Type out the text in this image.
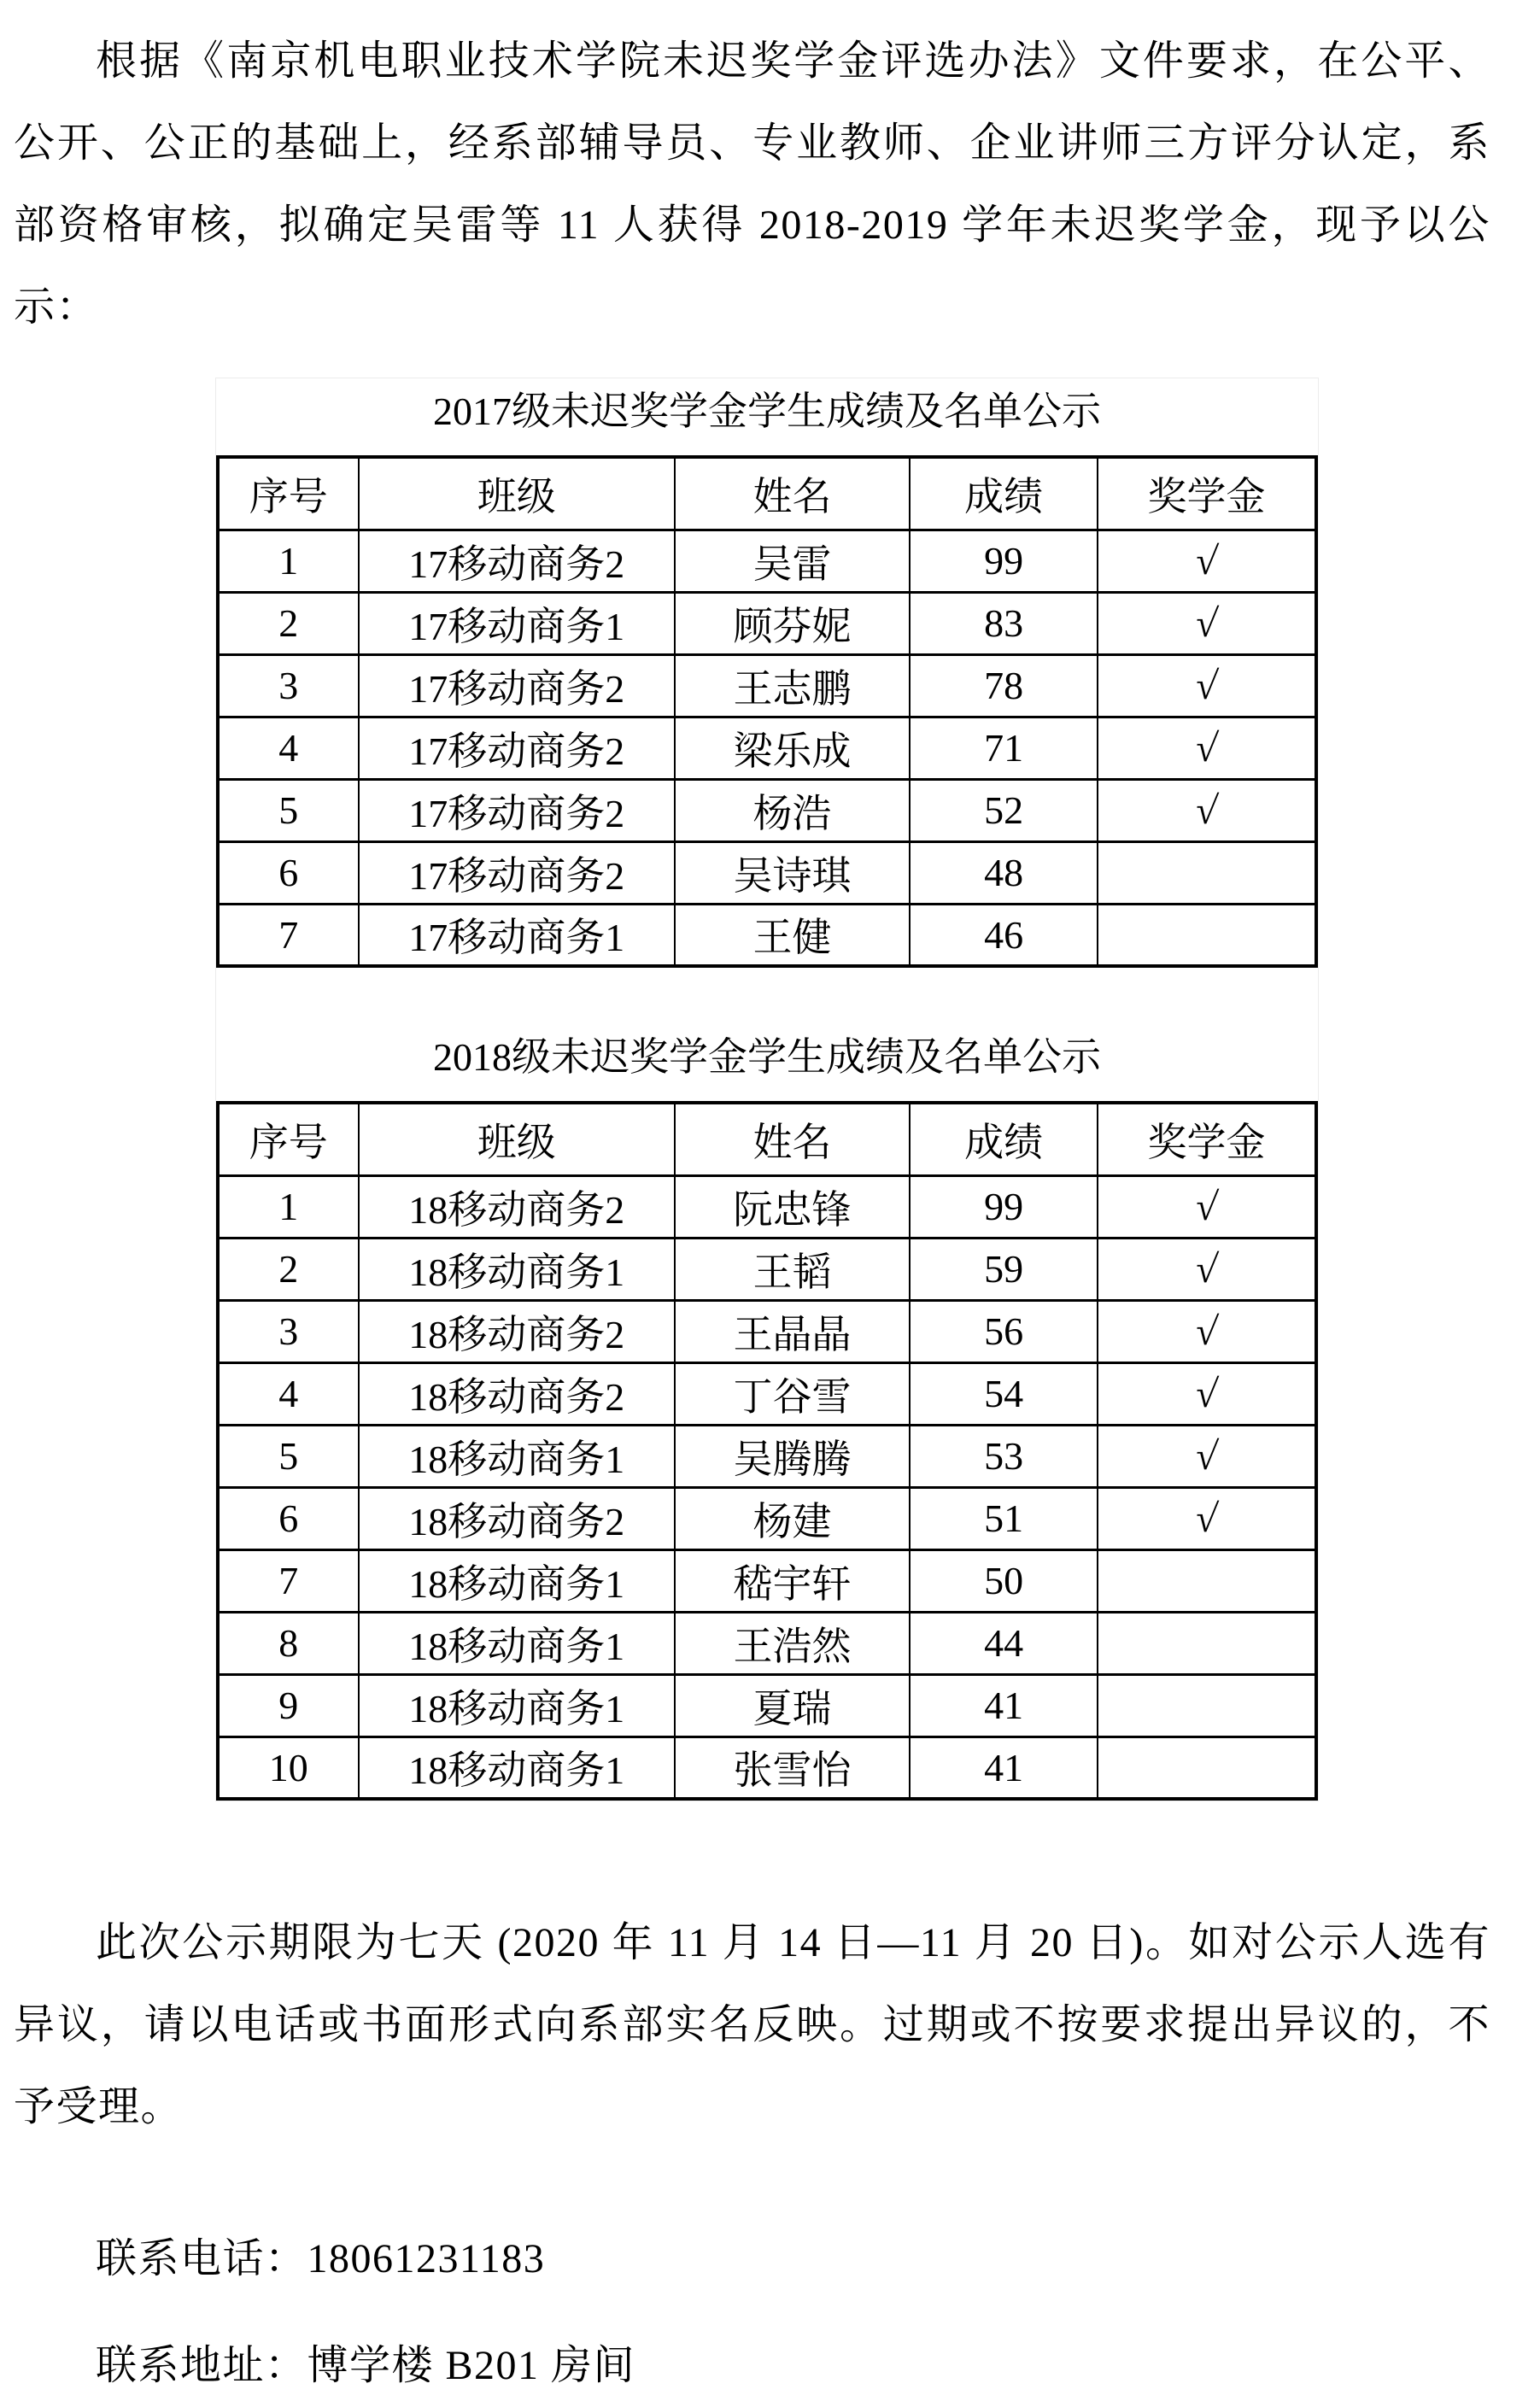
根据《南京机电职业技术学院未迟奖学金评选办法》文件要求，在公平、公开、公正的基础上，经系部辅导员、专业教师、企业讲师三方评分认定，系部资格审核，拟确定吴雷等 11 人获得 2018-2019 学年未迟奖学金，现予以公示：

2017级未迟奖学金学生成绩及名单公示
序号	班级	姓名	成绩	奖学金
1	17移动商务2	吴雷	99	√
2	17移动商务1	顾芬妮	83	√
3	17移动商务2	王志鹏	78	√
4	17移动商务2	梁乐成	71	√
5	17移动商务2	杨浩	52	√
6	17移动商务2	吴诗琪	48	
7	17移动商务1	王健	46	
2018级未迟奖学金学生成绩及名单公示
序号	班级	姓名	成绩	奖学金
1	18移动商务2	阮忠锋	99	√
2	18移动商务1	王韬	59	√
3	18移动商务2	王晶晶	56	√
4	18移动商务2	丁谷雪	54	√
5	18移动商务1	吴腾腾	53	√
6	18移动商务2	杨建	51	√
7	18移动商务1	嵇宇轩	50	
8	18移动商务1	王浩然	44	
9	18移动商务1	夏瑞	41	
10	18移动商务1	张雪怡	41	

此次公示期限为七天 (2020 年 11 月 14 日—11 月 20 日)。如对公示人选有异议，请以电话或书面形式向系部实名反映。过期或不按要求提出异议的，不予受理。

联系电话：18061231183

联系地址：博学楼 B201 房间
